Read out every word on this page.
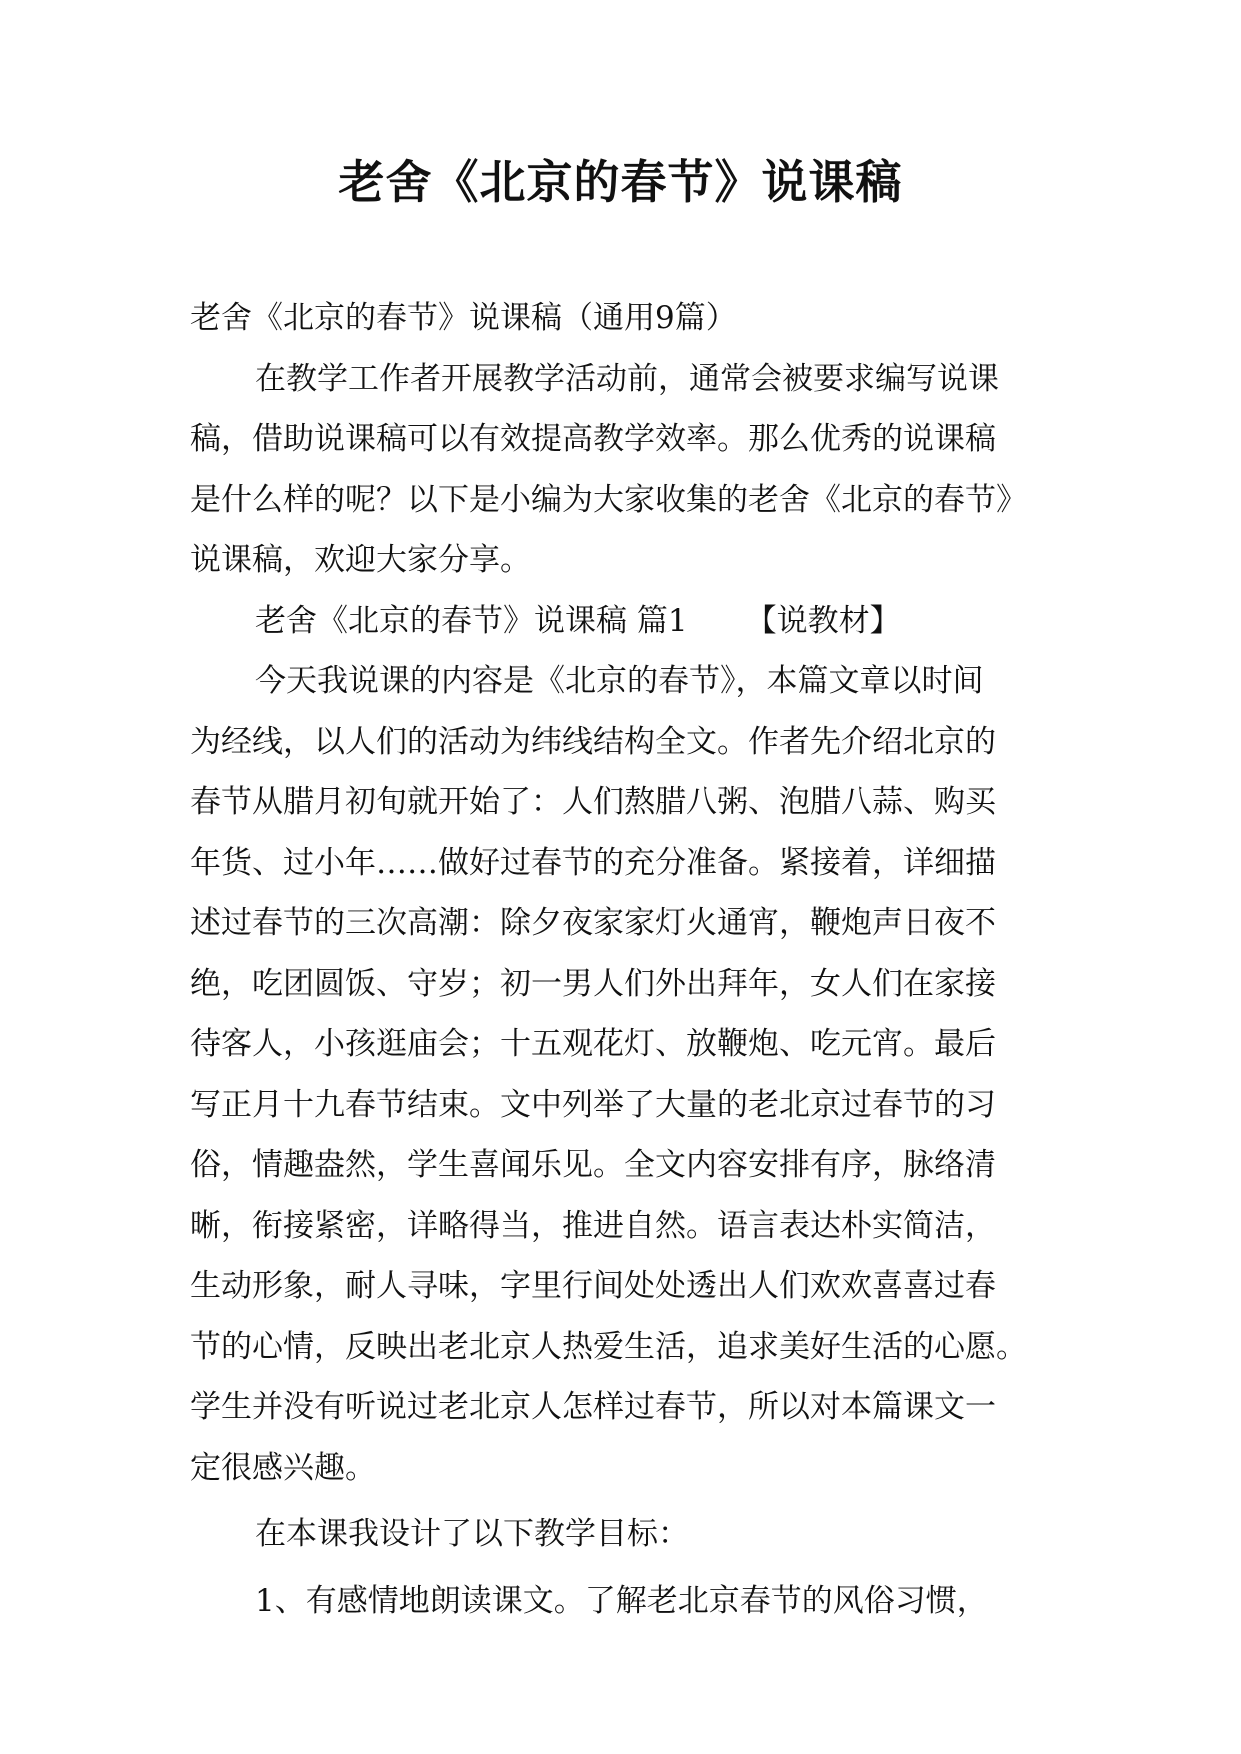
老舍《北京的春节》说课稿
老舍《北京的春节》说课稿（通用9篇）
在教学工作者开展教学活动前，通常会被要求编写说课
稿，借助说课稿可以有效提高教学效率。那么优秀的说课稿
是什么样的呢？以下是小编为大家收集的老舍《北京的春节》
说课稿，欢迎大家分享。
老舍《北京的春节》说课稿 篇1 【说教材】
今天我说课的内容是《北京的春节》，本篇文章以时间
为经线，以人们的活动为纬线结构全文。作者先介绍北京的
春节从腊月初旬就开始了：人们熬腊八粥、泡腊八蒜、购买
年货、过小年……做好过春节的充分准备。紧接着，详细描
述过春节的三次高潮：除夕夜家家灯火通宵，鞭炮声日夜不
绝，吃团圆饭、守岁；初一男人们外出拜年，女人们在家接
待客人，小孩逛庙会；十五观花灯、放鞭炮、吃元宵。最后
写正月十九春节结束。文中列举了大量的老北京过春节的习
俗，情趣盎然，学生喜闻乐见。全文内容安排有序，脉络清
晰，衔接紧密，详略得当，推进自然。语言表达朴实简洁，
生动形象，耐人寻味，字里行间处处透出人们欢欢喜喜过春
节的心情，反映出老北京人热爱生活，追求美好生活的心愿。
学生并没有听说过老北京人怎样过春节，所以对本篇课文一
定很感兴趣。
在本课我设计了以下教学目标：
1、有感情地朗读课文。了解老北京春节的风俗习惯，
